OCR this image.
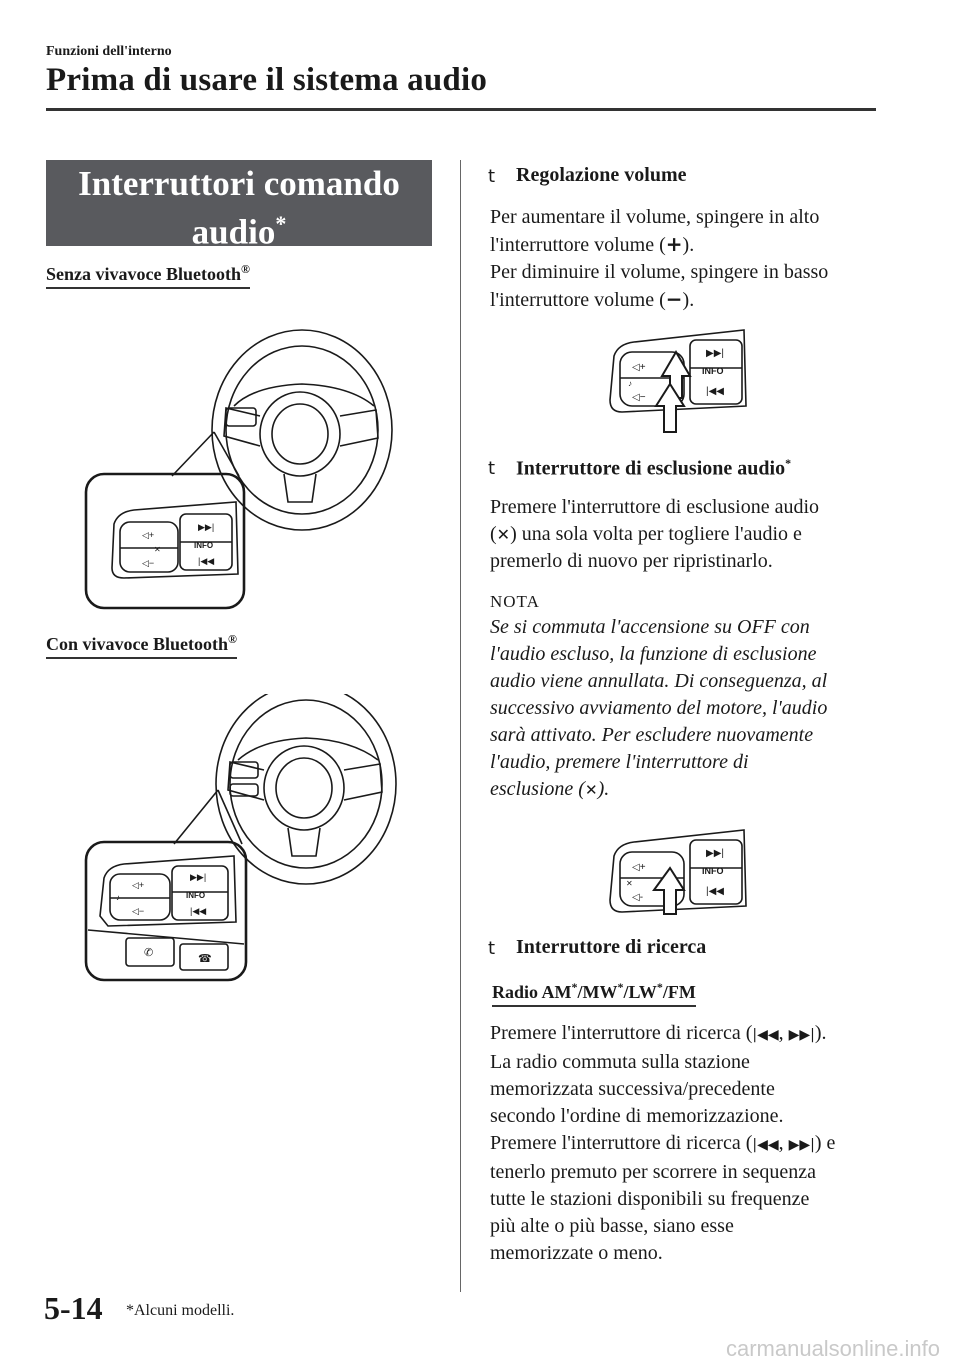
Funzioni dell'interno
Prima di usare il sistema audio
Interruttori comando
audio*
Senza vivavoce Bluetooth®
◁+
◁−
✕
▶▶|
INFO
|◀◀
Con vivavoce Bluetooth®
◁+
◁−
♪
▶▶|
INFO
|◀◀
✆	☎
t Regolazione volume
Per aumentare il volume, spingere in alto
l'interruttore volume (+).
Per diminuire il volume, spingere in basso
l'interruttore volume (−).
◁+
◁−
♪
▶▶|
INFO
|◀◀
t Interruttore di esclusione audio*
Premere l'interruttore di esclusione audio
(✕) una sola volta per togliere l'audio e
premerlo di nuovo per ripristinarlo.
NOTA
Se si commuta l'accensione su OFF con
l'audio escluso, la funzione di esclusione
audio viene annullata. Di conseguenza, al
successivo avviamento del motore, l'audio
sarà attivato. Per escludere nuovamente
l'audio, premere l'interruttore di
esclusione (✕).
◁+
◁-
✕
▶▶|
INFO
|◀◀
t Interruttore di ricerca
Radio AM*/MW*/LW*/FM
Premere l'interruttore di ricerca (|◀◀, ▶▶|).
La radio commuta sulla stazione
memorizzata successiva/precedente
secondo l'ordine di memorizzazione.
Premere l'interruttore di ricerca (|◀◀, ▶▶|) e
tenerlo premuto per scorrere in sequenza
tutte le stazioni disponibili su frequenze
più alte o più basse, siano esse
memorizzate o meno.
5-14 *Alcuni modelli.
carmanualsonline.info
